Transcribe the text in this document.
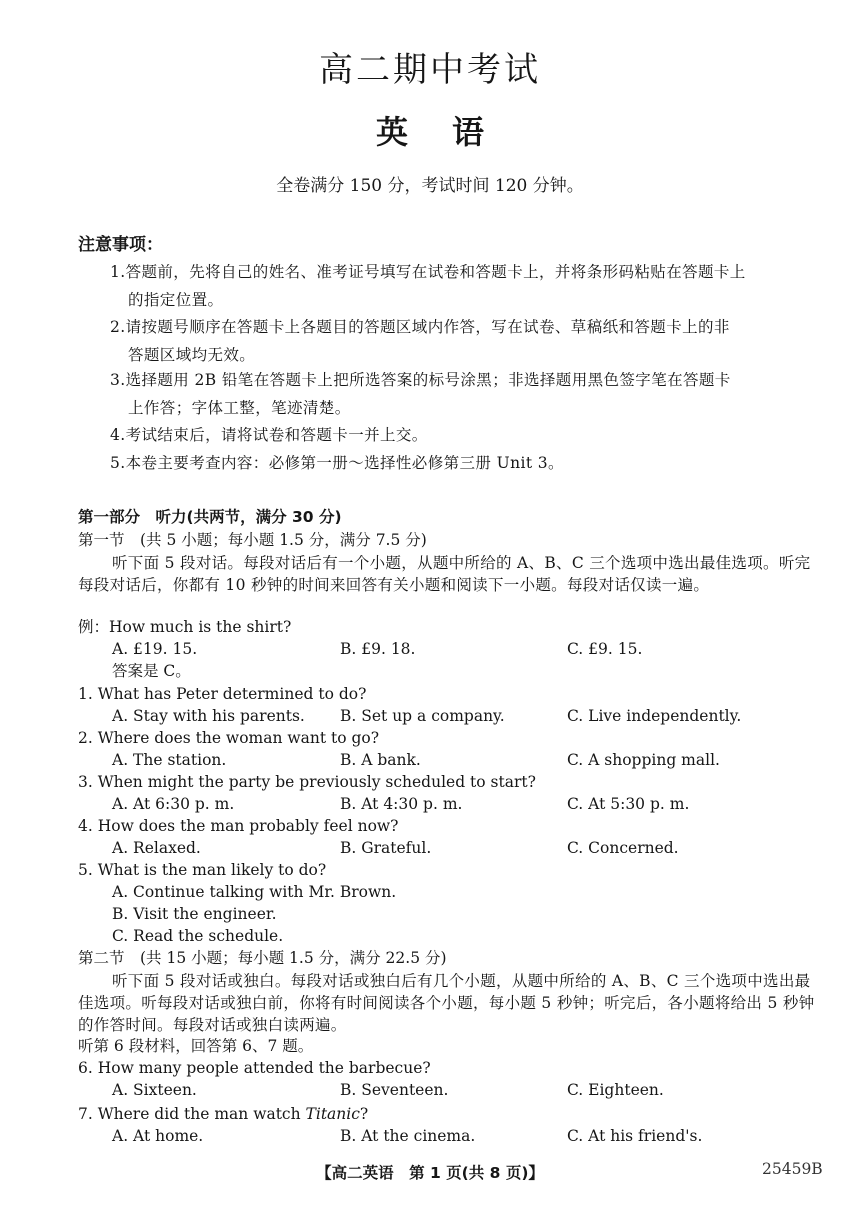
高二期中考试
英语
全卷满分 150 分，考试时间 120 分钟。
注意事项：
1.答题前，先将自己的姓名、准考证号填写在试卷和答题卡上，并将条形码粘贴在答题卡上
的指定位置。
2.请按题号顺序在答题卡上各题目的答题区域内作答，写在试卷、草稿纸和答题卡上的非
答题区域均无效。
3.选择题用 2B 铅笔在答题卡上把所选答案的标号涂黑；非选择题用黑色签字笔在答题卡
上作答；字体工整，笔迹清楚。
4.考试结束后，请将试卷和答题卡一并上交。
5.本卷主要考查内容：必修第一册～选择性必修第三册 Unit 3。
第一部分　听力(共两节，满分 30 分)
第一节　(共 5 小题；每小题 1.5 分，满分 7.5 分)
听下面 5 段对话。每段对话后有一个小题，从题中所给的 A、B、C 三个选项中选出最佳选项。听完每段对话后，你都有 10 秒钟的时间来回答有关小题和阅读下一小题。每段对话仅读一遍。
例：How much is the shirt?
A. £19. 15.	B. £9. 18.	C. £9. 15.
答案是 C。
1. What has Peter determined to do?
A. Stay with his parents. B. Set up a company.	C. Live independently.
2. Where does the woman want to go?
A. The station.	B. A bank.	C. A shopping mall.
3. When might the party be previously scheduled to start?
A. At 6:30 p. m.	B. At 4:30 p. m.	C. At 5:30 p. m.
4. How does the man probably feel now?
A. Relaxed.	B. Grateful.	C. Concerned.
5. What is the man likely to do?
A. Continue talking with Mr. Brown.
B. Visit the engineer.
C. Read the schedule.
第二节　(共 15 小题；每小题 1.5 分，满分 22.5 分)
听下面 5 段对话或独白。每段对话或独白后有几个小题，从题中所给的 A、B、C 三个选项中选出最佳选项。听每段对话或独白前，你将有时间阅读各个小题，每小题 5 秒钟；听完后，各小题将给出 5 秒钟的作答时间。每段对话或独白读两遍。
听第 6 段材料，回答第 6、7 题。
6. How many people attended the barbecue?
A. Sixteen.	B. Seventeen.	C. Eighteen.
7. Where did the man watch Titanic?
A. At home.	B. At the cinema.	C. At his friend's.
【高二英语　第 1 页(共 8 页)】	25459B
